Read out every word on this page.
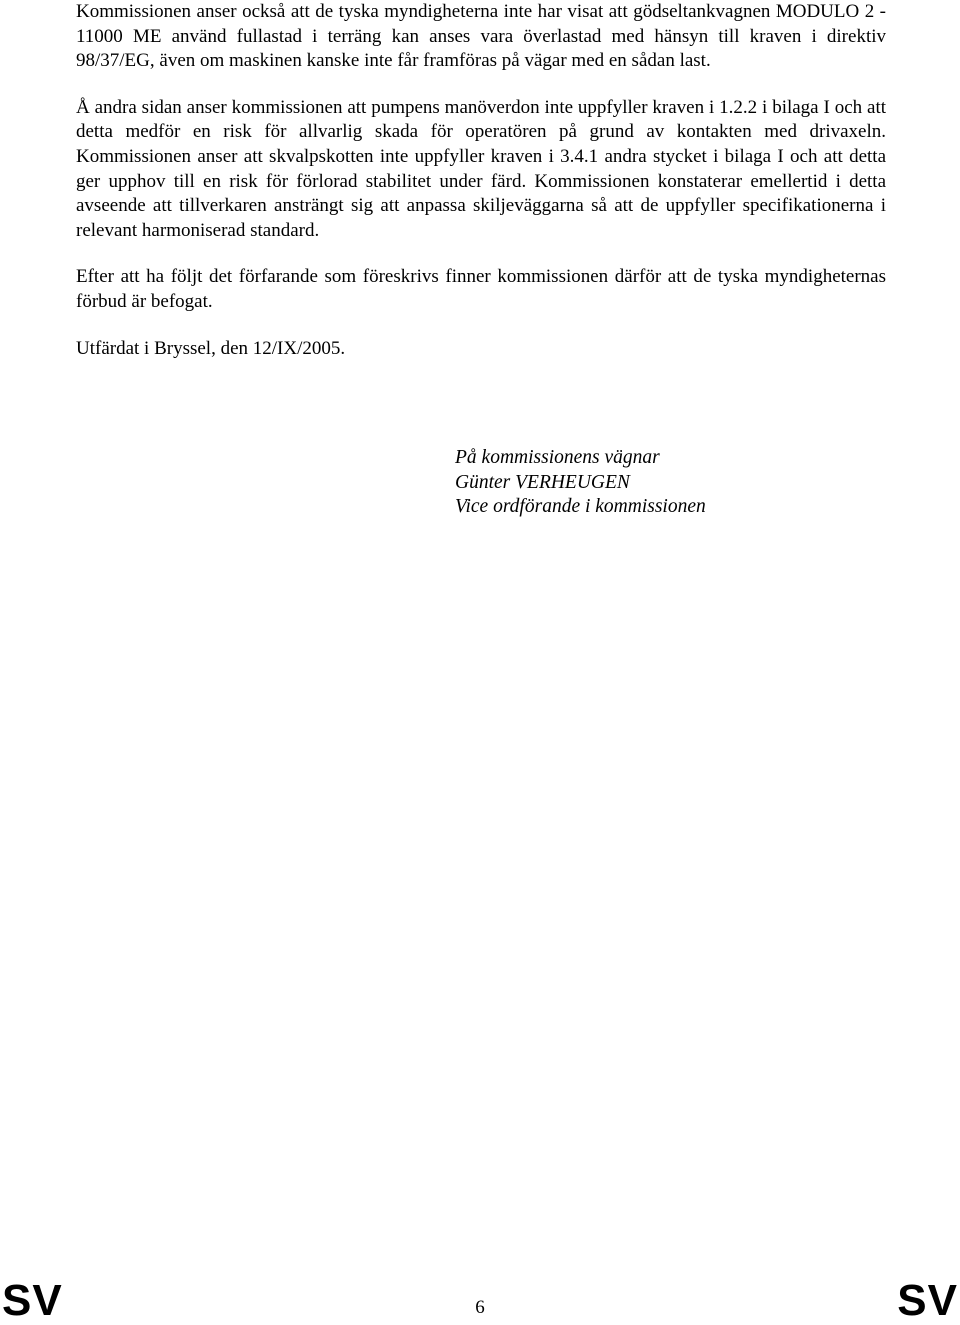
Kommissionen anser också att de tyska myndigheterna inte har visat att gödseltankvagnen MODULO 2 - 11000 ME använd fullastad i terräng kan anses vara överlastad med hänsyn till kraven i direktiv 98/37/EG, även om maskinen kanske inte får framföras på vägar med en sådan last.

Å andra sidan anser kommissionen att pumpens manöverdon inte uppfyller kraven i 1.2.2 i bilaga I och att detta medför en risk för allvarlig skada för operatören på grund av kontakten med drivaxeln. Kommissionen anser att skvalpskotten inte uppfyller kraven i 3.4.1 andra stycket i bilaga I och att detta ger upphov till en risk för förlorad stabilitet under färd. Kommissionen konstaterar emellertid i detta avseende att tillverkaren ansträngt sig att anpassa skiljeväggarna så att de uppfyller specifikationerna i relevant harmoniserad standard.

Efter att ha följt det förfarande som föreskrivs finner kommissionen därför att de tyska myndigheternas förbud är befogat.

Utfärdat i Bryssel, den 12/IX/2005.

På kommissionens vägnar
Günter VERHEUGEN
Vice ordförande i kommissionen
SV	6	SV
